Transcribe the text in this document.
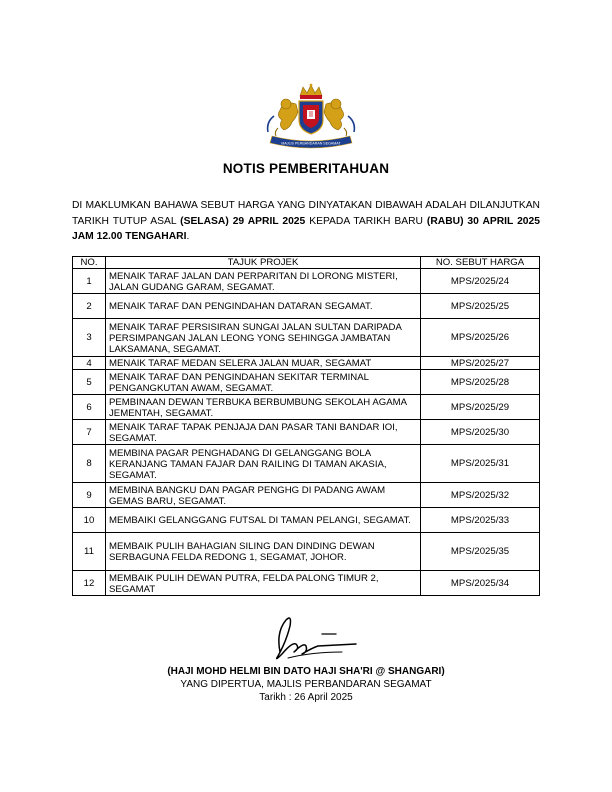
MAJLIS PERBANDARAN SEGAMAT
NOTIS PEMBERITAHUAN
DI MAKLUMKAN BAHAWA SEBUT HARGA YANG DINYATAKAN DIBAWAH ADALAH DILANJUTKAN TARIKH TUTUP ASAL (SELASA) 29 APRIL 2025 KEPADA TARIKH BARU (RABU) 30 APRIL 2025 JAM 12.00 TENGAHARI.
NO.	TAJUK PROJEK	NO. SEBUT HARGA
1	MENAIK TARAF JALAN DAN PERPARITAN DI LORONG MISTERI, JALAN GUDANG GARAM, SEGAMAT.	MPS/2025/24
2	MENAIK TARAF DAN PENGINDAHAN DATARAN SEGAMAT.	MPS/2025/25
3	MENAIK TARAF PERSISIRAN SUNGAI JALAN SULTAN DARIPADA PERSIMPANGAN JALAN LEONG YONG SEHINGGA JAMBATAN LAKSAMANA, SEGAMAT.	MPS/2025/26
4	MENAIK TARAF MEDAN SELERA JALAN MUAR, SEGAMAT	MPS/2025/27
5	MENAIK TARAF DAN PENGINDAHAN SEKITAR TERMINAL PENGANGKUTAN AWAM, SEGAMAT.	MPS/2025/28
6	PEMBINAAN DEWAN TERBUKA BERBUMBUNG SEKOLAH AGAMA JEMENTAH, SEGAMAT.	MPS/2025/29
7	MENAIK TARAF TAPAK PENJAJA DAN PASAR TANI BANDAR IOI, SEGAMAT.	MPS/2025/30
8	MEMBINA PAGAR PENGHADANG DI GELANGGANG BOLA KERANJANG TAMAN FAJAR DAN RAILING DI TAMAN AKASIA, SEGAMAT.	MPS/2025/31
9	MEMBINA BANGKU DAN PAGAR PENGHG DI PADANG AWAM GEMAS BARU, SEGAMAT.	MPS/2025/32
10	MEMBAIKI GELANGGANG FUTSAL DI TAMAN PELANGI, SEGAMAT.	MPS/2025/33
11	MEMBAIK PULIH BAHAGIAN SILING DAN DINDING DEWAN SERBAGUNA FELDA REDONG 1, SEGAMAT, JOHOR.	MPS/2025/35
12	MEMBAIK PULIH DEWAN PUTRA, FELDA PALONG TIMUR 2, SEGAMAT	MPS/2025/34
(HAJI MOHD HELMI BIN DATO HAJI SHA'RI @ SHANGARI)
YANG DIPERTUA, MAJLIS PERBANDARAN SEGAMAT
Tarikh : 26 April 2025
